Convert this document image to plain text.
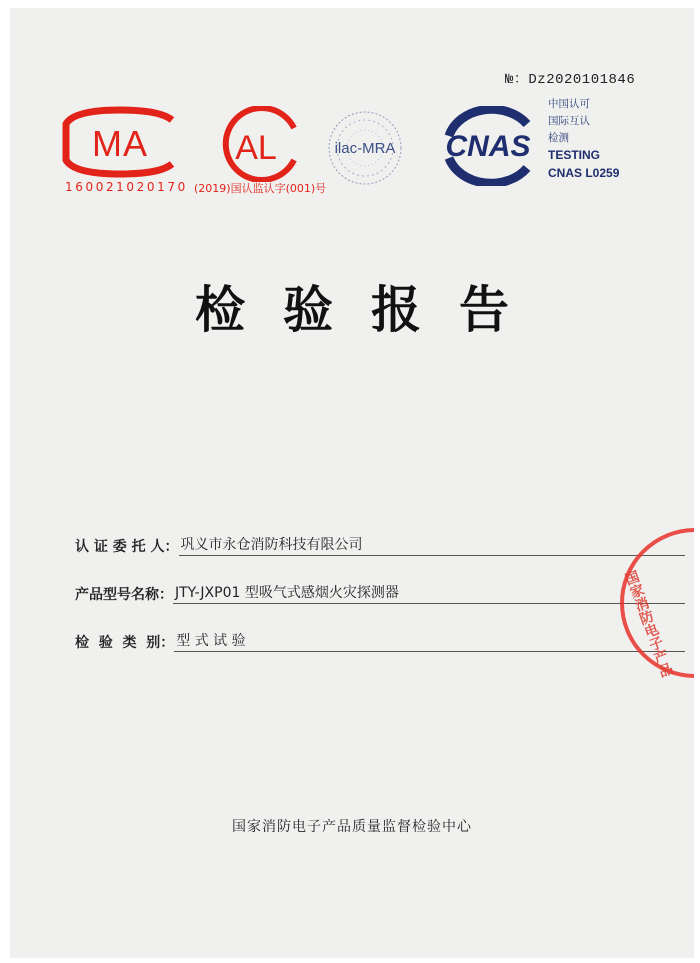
№：Dz2020101846
MA
160021020170
AL
(2019)国认监认字(001)号
ilac-MRA CNAS
中国认可
国际互认
检测
TESTING
CNAS L0259
检验报告
认 证 委 托 人： 巩义市永仓消防科技有限公司
产品型号名称： JTY-JXP01 型吸气式感烟火灾探测器
检  验  类  别： 型 式 试 验	国家消防电子产品
国家消防电子产品质量监督检验中心
